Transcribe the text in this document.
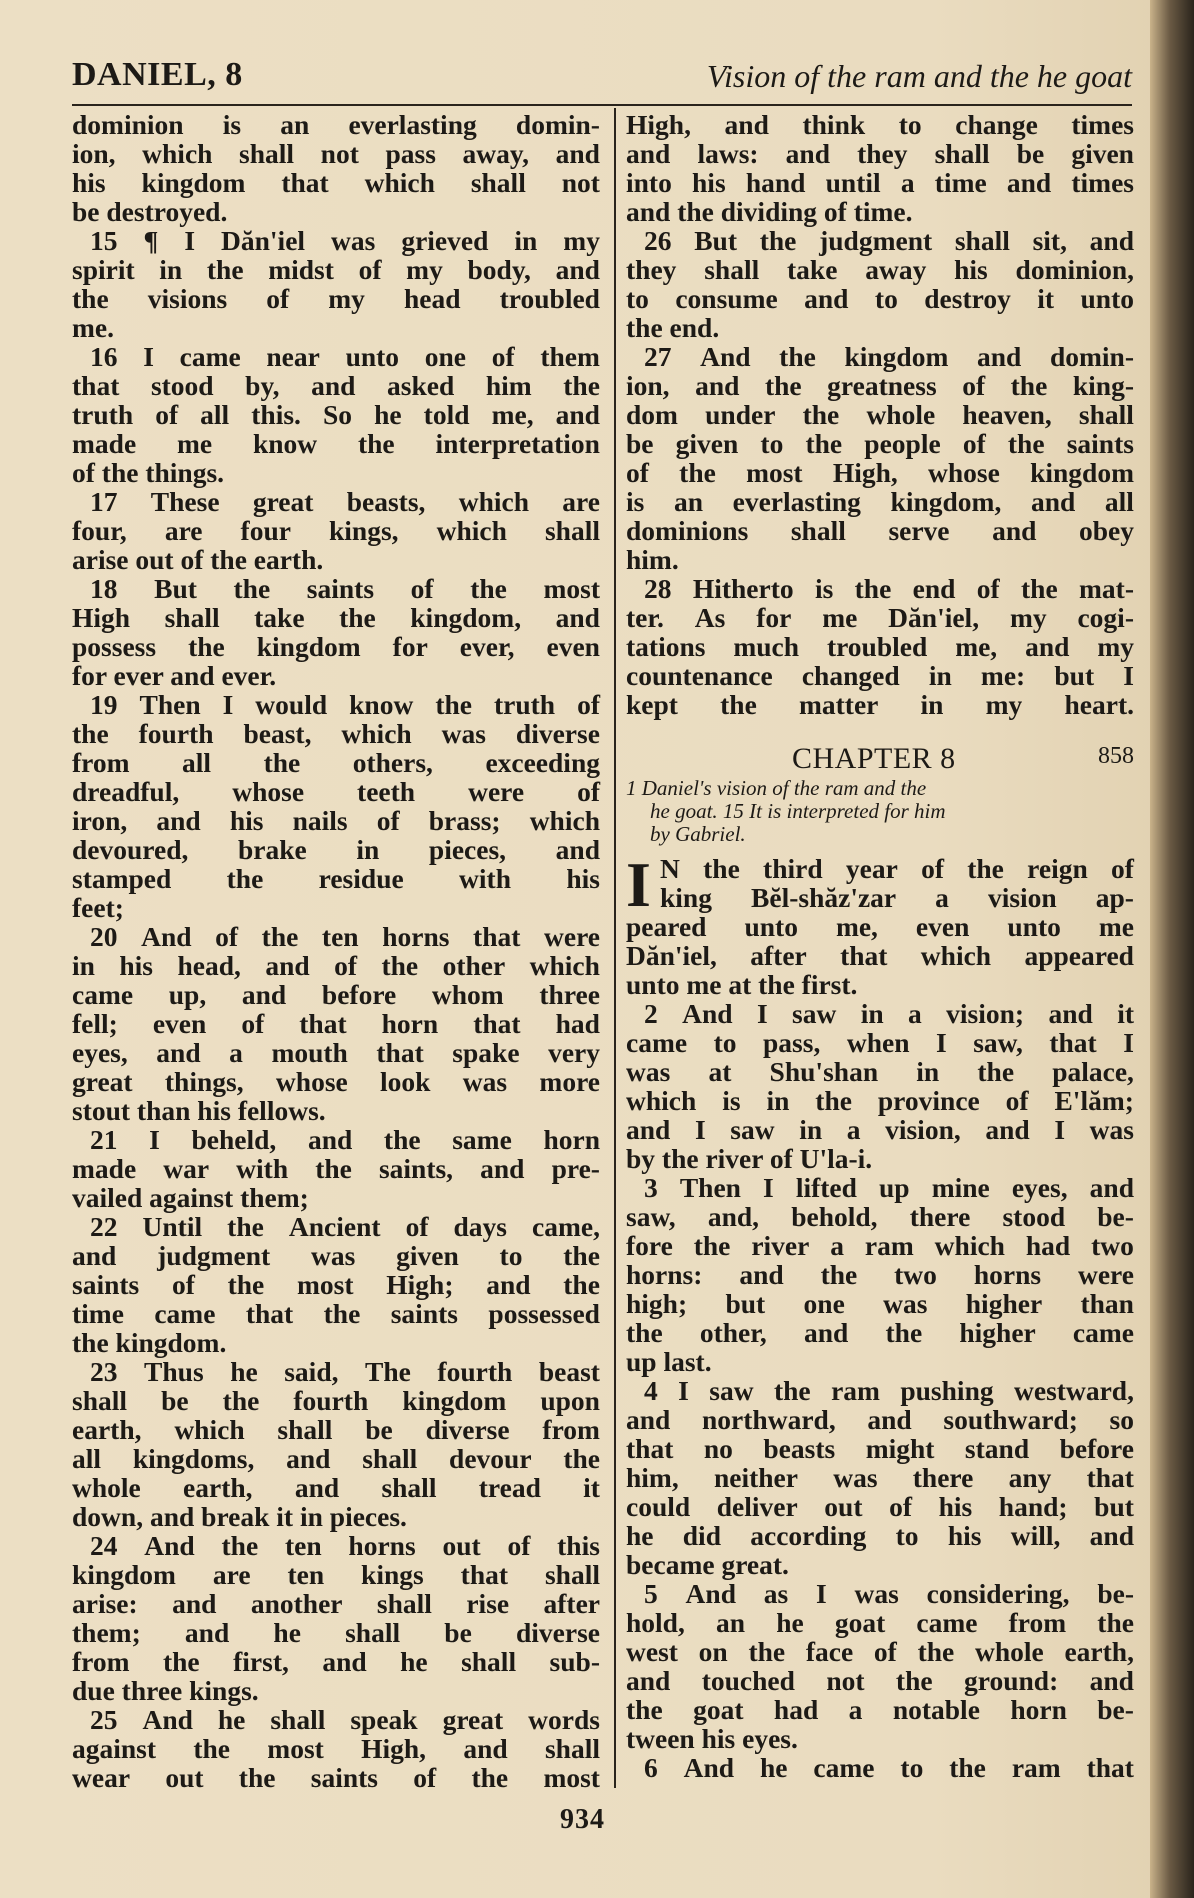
DANIEL, 8	Vision of the ram and the he goat
dominion is an everlasting domin-
ion, which shall not pass away, and
his kingdom that which shall not
be destroyed.
15 ¶ I Dăn'iel was grieved in my
spirit in the midst of my body, and
the visions of my head troubled
me.
16 I came near unto one of them
that stood by, and asked him the
truth of all this. So he told me, and
made me know the interpretation
of the things.
17 These great beasts, which are
four, are four kings, which shall
arise out of the earth.
18 But the saints of the most
High shall take the kingdom, and
possess the kingdom for ever, even
for ever and ever.
19 Then I would know the truth of
the fourth beast, which was diverse
from all the others, exceeding
dreadful, whose teeth were of
iron, and his nails of brass; which
devoured, brake in pieces, and
stamped the residue with his
feet;
20 And of the ten horns that were
in his head, and of the other which
came up, and before whom three
fell; even of that horn that had
eyes, and a mouth that spake very
great things, whose look was more
stout than his fellows.
21 I beheld, and the same horn
made war with the saints, and pre-
vailed against them;
22 Until the Ancient of days came,
and judgment was given to the
saints of the most High; and the
time came that the saints possessed
the kingdom.
23 Thus he said, The fourth beast
shall be the fourth kingdom upon
earth, which shall be diverse from
all kingdoms, and shall devour the
whole earth, and shall tread it
down, and break it in pieces.
24 And the ten horns out of this
kingdom are ten kings that shall
arise: and another shall rise after
them; and he shall be diverse
from the first, and he shall sub-
due three kings.
25 And he shall speak great words
against the most High, and shall
wear out the saints of the most
High, and think to change times
and laws: and they shall be given
into his hand until a time and times
and the dividing of time.
26 But the judgment shall sit, and
they shall take away his dominion,
to consume and to destroy it unto
the end.
27 And the kingdom and domin-
ion, and the greatness of the king-
dom under the whole heaven, shall
be given to the people of the saints
of the most High, whose kingdom
is an everlasting kingdom, and all
dominions shall serve and obey
him.
28 Hitherto is the end of the mat-
ter. As for me Dăn'iel, my cogi-
tations much troubled me, and my
countenance changed in me: but I
kept the matter in my heart.
CHAPTER 8	858
1 Daniel's vision of the ram and the
he goat. 15 It is interpreted for him
by Gabriel.
I N the third year of the reign of
king Bĕl-shăz'zar a vision ap-
peared unto me, even unto me
Dăn'iel, after that which appeared
unto me at the first.
2 And I saw in a vision; and it
came to pass, when I saw, that I
was at Shu'shan in the palace,
which is in the province of E'lăm;
and I saw in a vision, and I was
by the river of U'la-i.
3 Then I lifted up mine eyes, and
saw, and, behold, there stood be-
fore the river a ram which had two
horns: and the two horns were
high; but one was higher than
the other, and the higher came
up last.
4 I saw the ram pushing westward,
and northward, and southward; so
that no beasts might stand before
him, neither was there any that
could deliver out of his hand; but
he did according to his will, and
became great.
5 And as I was considering, be-
hold, an he goat came from the
west on the face of the whole earth,
and touched not the ground: and
the goat had a notable horn be-
tween his eyes.
6 And he came to the ram that
934
